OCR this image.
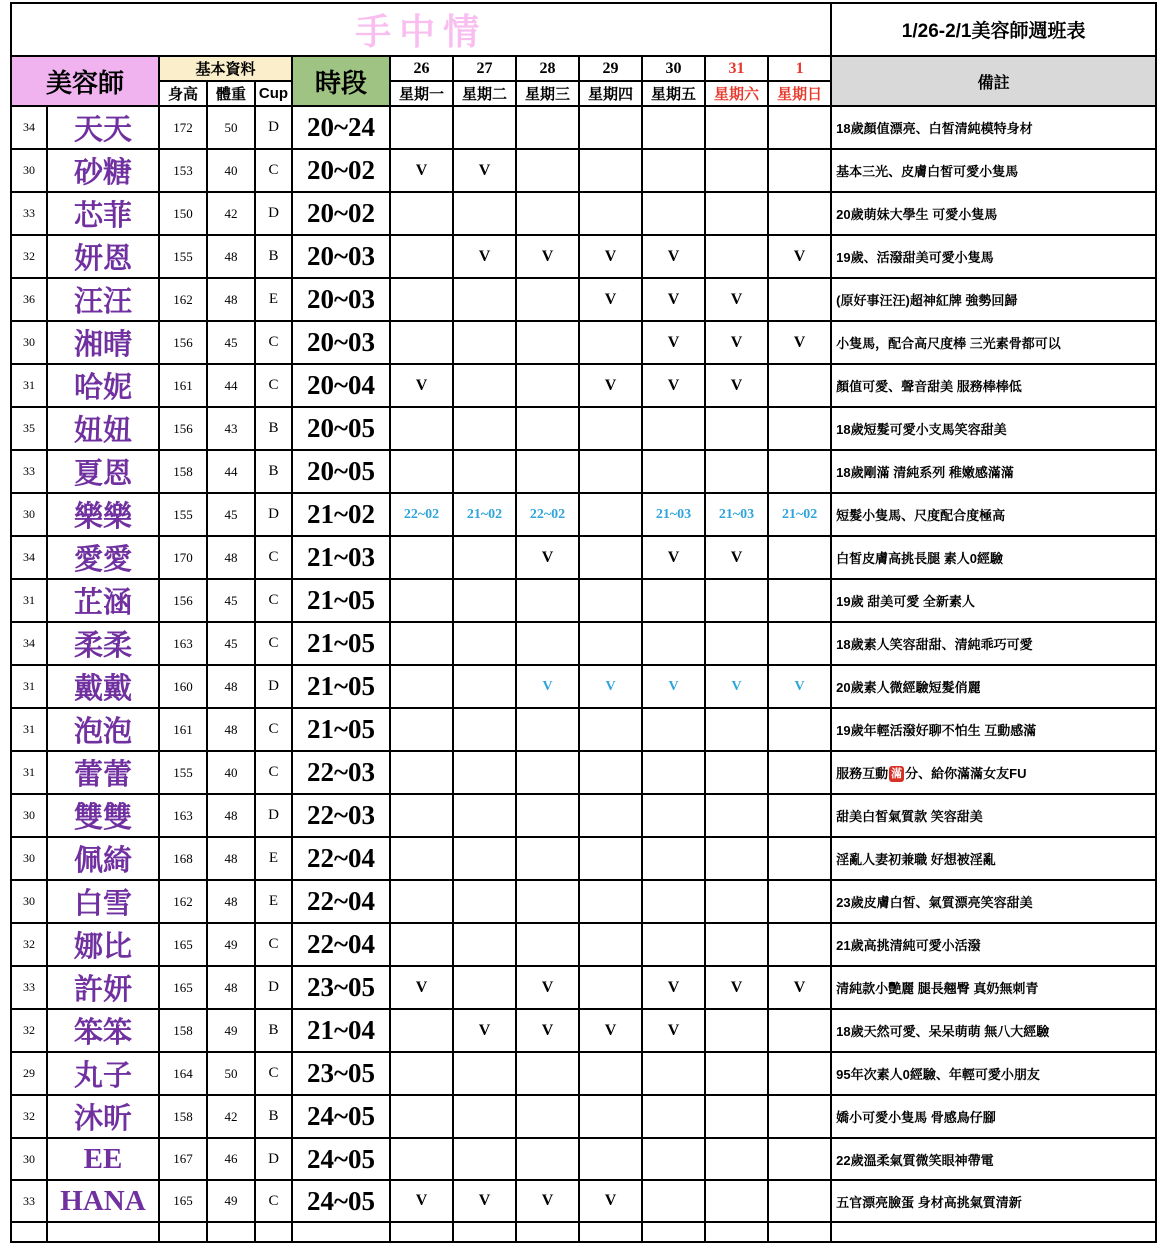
手中情													1/26-2/1美容師週班表
美容師		基本資料			時段	26	27	28	29	30	31	1	備註
		身高	體重	Cup		星期一	星期二	星期三	星期四	星期五	星期六	星期日	
34	天天	172	50	D	20~24								18歲顏值漂亮、白皙清純模特身材
30	砂糖	153	40	C	20~02	V	V						基本三光、皮膚白皙可愛小隻馬
33	芯菲	150	42	D	20~02								20歲萌妹大學生 可愛小隻馬
32	妍恩	155	48	B	20~03		V	V	V	V		V	19歲、活潑甜美可愛小隻馬
36	汪汪	162	48	E	20~03				V	V	V		(原好事汪汪)超神紅牌 強勢回歸
30	湘晴	156	45	C	20~03					V	V	V	小隻馬，配合高尺度棒 三光素骨都可以
31	哈妮	161	44	C	20~04	V			V	V	V		顏值可愛、聲音甜美 服務棒棒低
35	妞妞	156	43	B	20~05								18歲短髮可愛小支馬笑容甜美
33	夏恩	158	44	B	20~05								18歲剛滿 清純系列 稚嫩感滿滿
30	樂樂	155	45	D	21~02	22~02	21~02	22~02		21~03	21~03	21~02	短髮小隻馬、尺度配合度極高
34	愛愛	170	48	C	21~03			V		V	V		白皙皮膚高挑長腿 素人0經驗
31	芷涵	156	45	C	21~05								19歲 甜美可愛 全新素人
34	柔柔	163	45	C	21~05								18歲素人笑容甜甜、清純乖巧可愛
31	戴戴	160	48	D	21~05			V	V	V	V	V	20歲素人微經驗短髮俏麗
31	泡泡	161	48	C	21~05								19歲年輕活潑好聊不怕生 互動感滿
31	蕾蕾	155	40	C	22~03								服務互動 滿 分、給你滿滿女友FU
30	雙雙	163	48	D	22~03								甜美白皙氣質款 笑容甜美
30	佩綺	168	48	E	22~04								淫亂人妻初兼職 好想被淫亂
30	白雪	162	48	E	22~04								23歲皮膚白皙、氣質漂亮笑容甜美
32	娜比	165	49	C	22~04								21歲高挑清純可愛小活潑
33	許妍	165	48	D	23~05	V		V		V	V	V	清純款小艷麗 腿長翹臀 真奶無刺青
32	笨笨	158	49	B	21~04		V	V	V	V			18歲天然可愛、呆呆萌萌 無八大經驗
29	丸子	164	50	C	23~05								95年次素人0經驗、年輕可愛小朋友
32	沐昕	158	42	B	24~05								嬌小可愛小隻馬 骨感鳥仔腳
30	EE	167	46	D	24~05								22歲溫柔氣質微笑眼神帶電
33	HANA	165	49	C	24~05	V	V	V	V				五官漂亮臉蛋 身材高挑氣質清新
